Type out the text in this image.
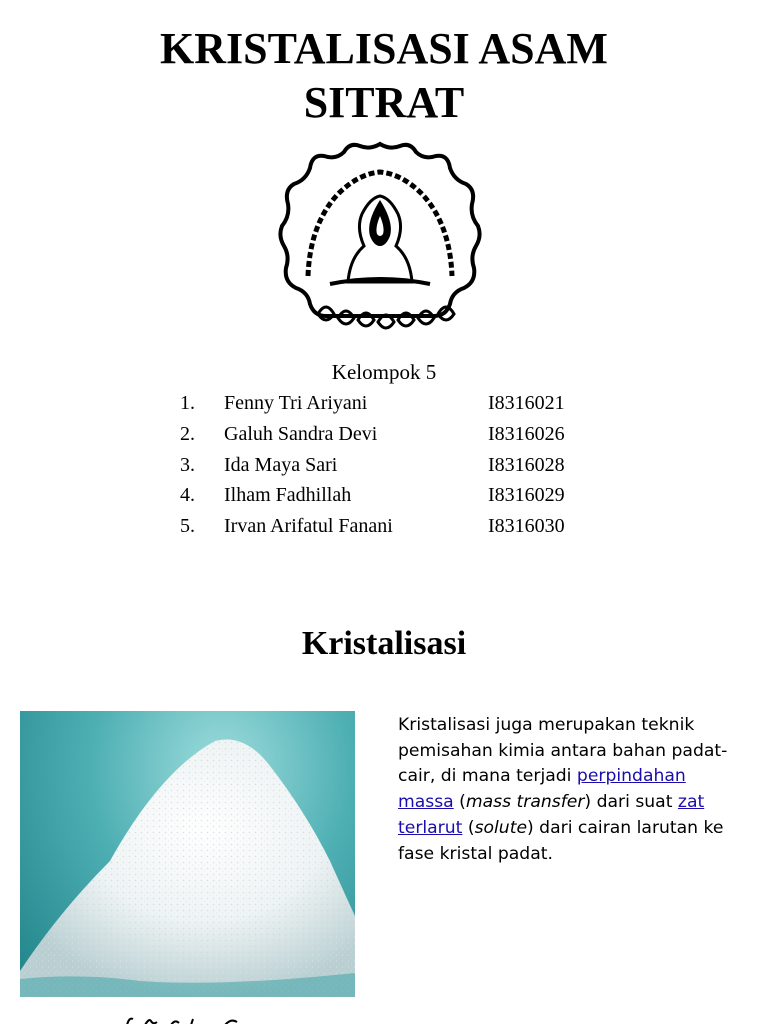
KRISTALISASI ASAM
SITRAT
Kelompok 5
1. Fenny Tri Ariyani	I8316021
2. Galuh Sandra Devi	I8316026
3. Ida Maya Sari	I8316028
4. Ilham Fadhillah	I8316029
5. Irvan Arifatul Fanani	I8316030
Kristalisasi
Kristalisasi juga merupakan teknik pemisahan kimia antara bahan padat-cair, di mana terjadi perpindahan massa (mass transfer) dari suat zat terlarut (solute) dari cairan larutan ke fase kristal padat.
